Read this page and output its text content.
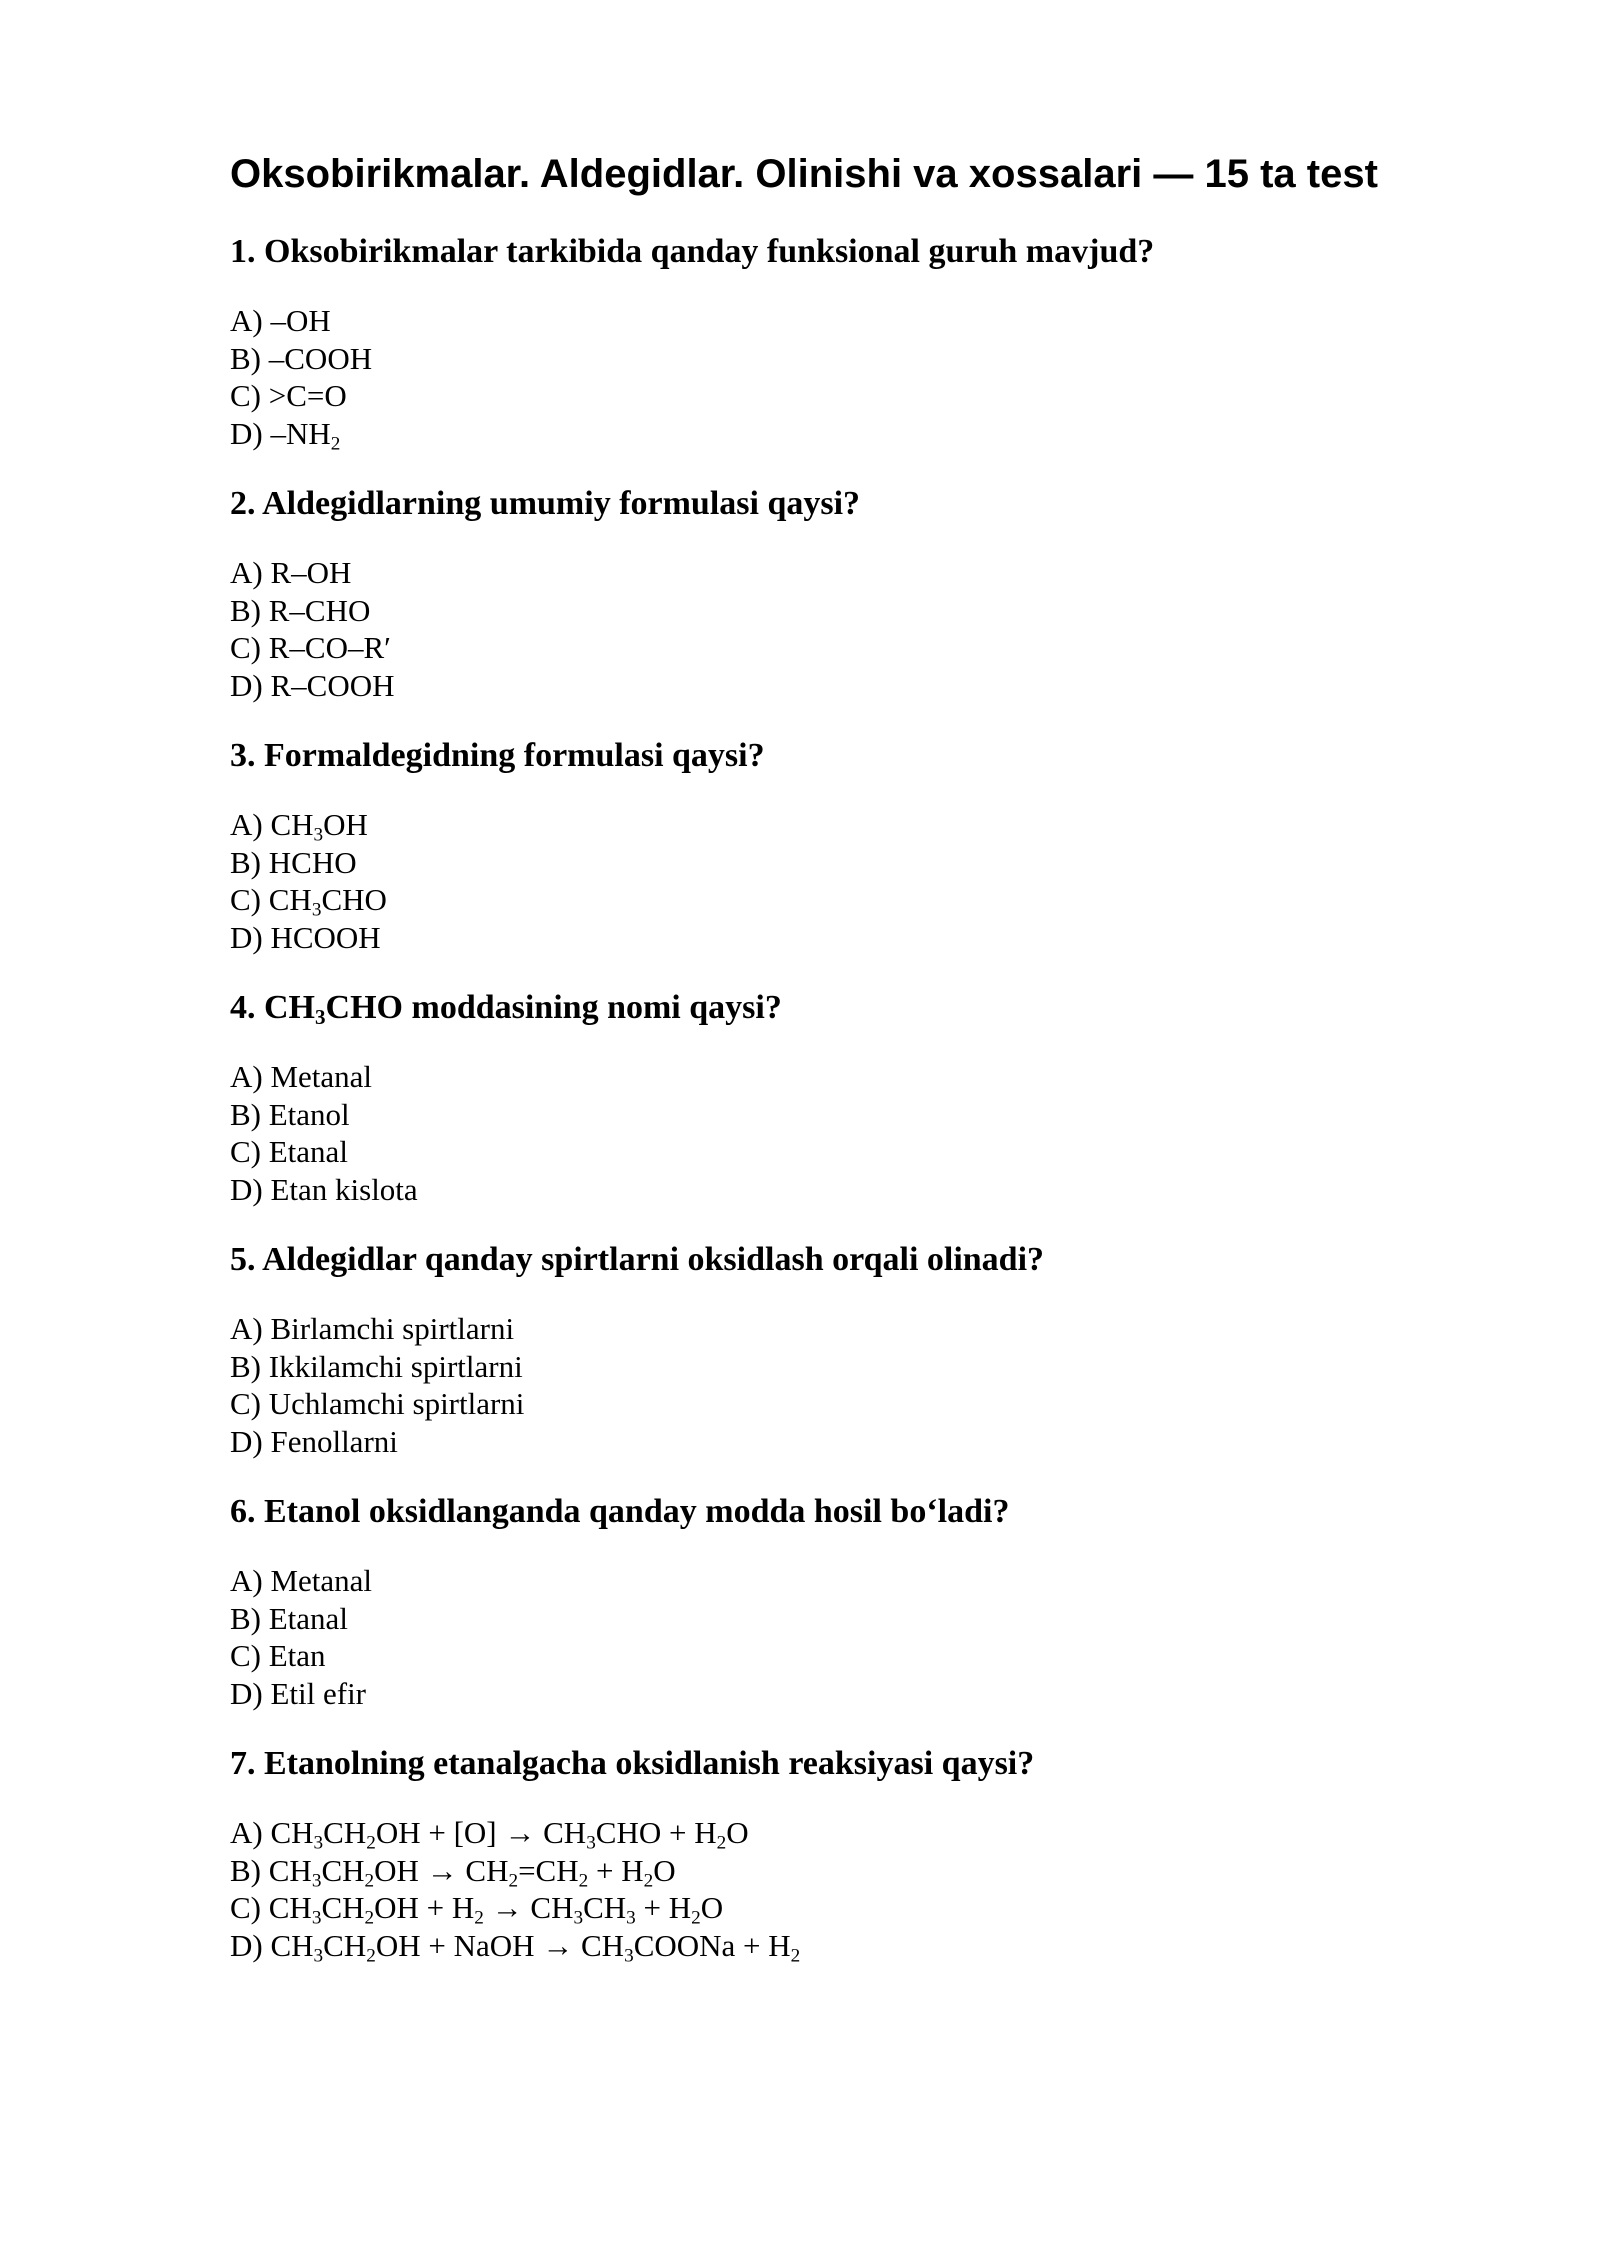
Oksobirikmalar. Aldegidlar. Olinishi va xossalari — 15 ta test
1. Oksobirikmalar tarkibida qanday funksional guruh mavjud?
A) –OH
B) –COOH
C) >C=O
D) $-NH_2$
2. Aldegidlarning umumiy formulasi qaysi?
A) R–OH
B) R–CHO
C) R–CO–R′
D) R–COOH
3. Formaldegidning formulasi qaysi?
A) $CH_3OH$
B) HCHO
C) $CH_3CHO$
D) HCOOH
4. $CH_3CHO$ moddasining nomi qaysi?
A) Metanal
B) Etanol
C) Etanal
D) Etan kislota
5. Aldegidlar qanday spirtlarni oksidlash orqali olinadi?
A) Birlamchi spirtlarni
B) Ikkilamchi spirtlarni
C) Uchlamchi spirtlarni
D) Fenollarni
6. Etanol oksidlanganda qanday modda hosil bo‘ladi?
A) Metanal
B) Etanal
C) Etan
D) Etil efir
7. Etanolning etanalgacha oksidlanish reaksiyasi qaysi?
A) $CH_3CH_2OH + [O] \to CH_3CHO + H_2O$
B) $CH_3CH_2OH \to CH_2=CH_2 + H_2O$
C) $CH_3CH_2OH + H_2 \to CH_3CH_3 + H_2O$
D) $CH_3CH_2OH$ + NaOH → $CH_3COONa + H_2$
